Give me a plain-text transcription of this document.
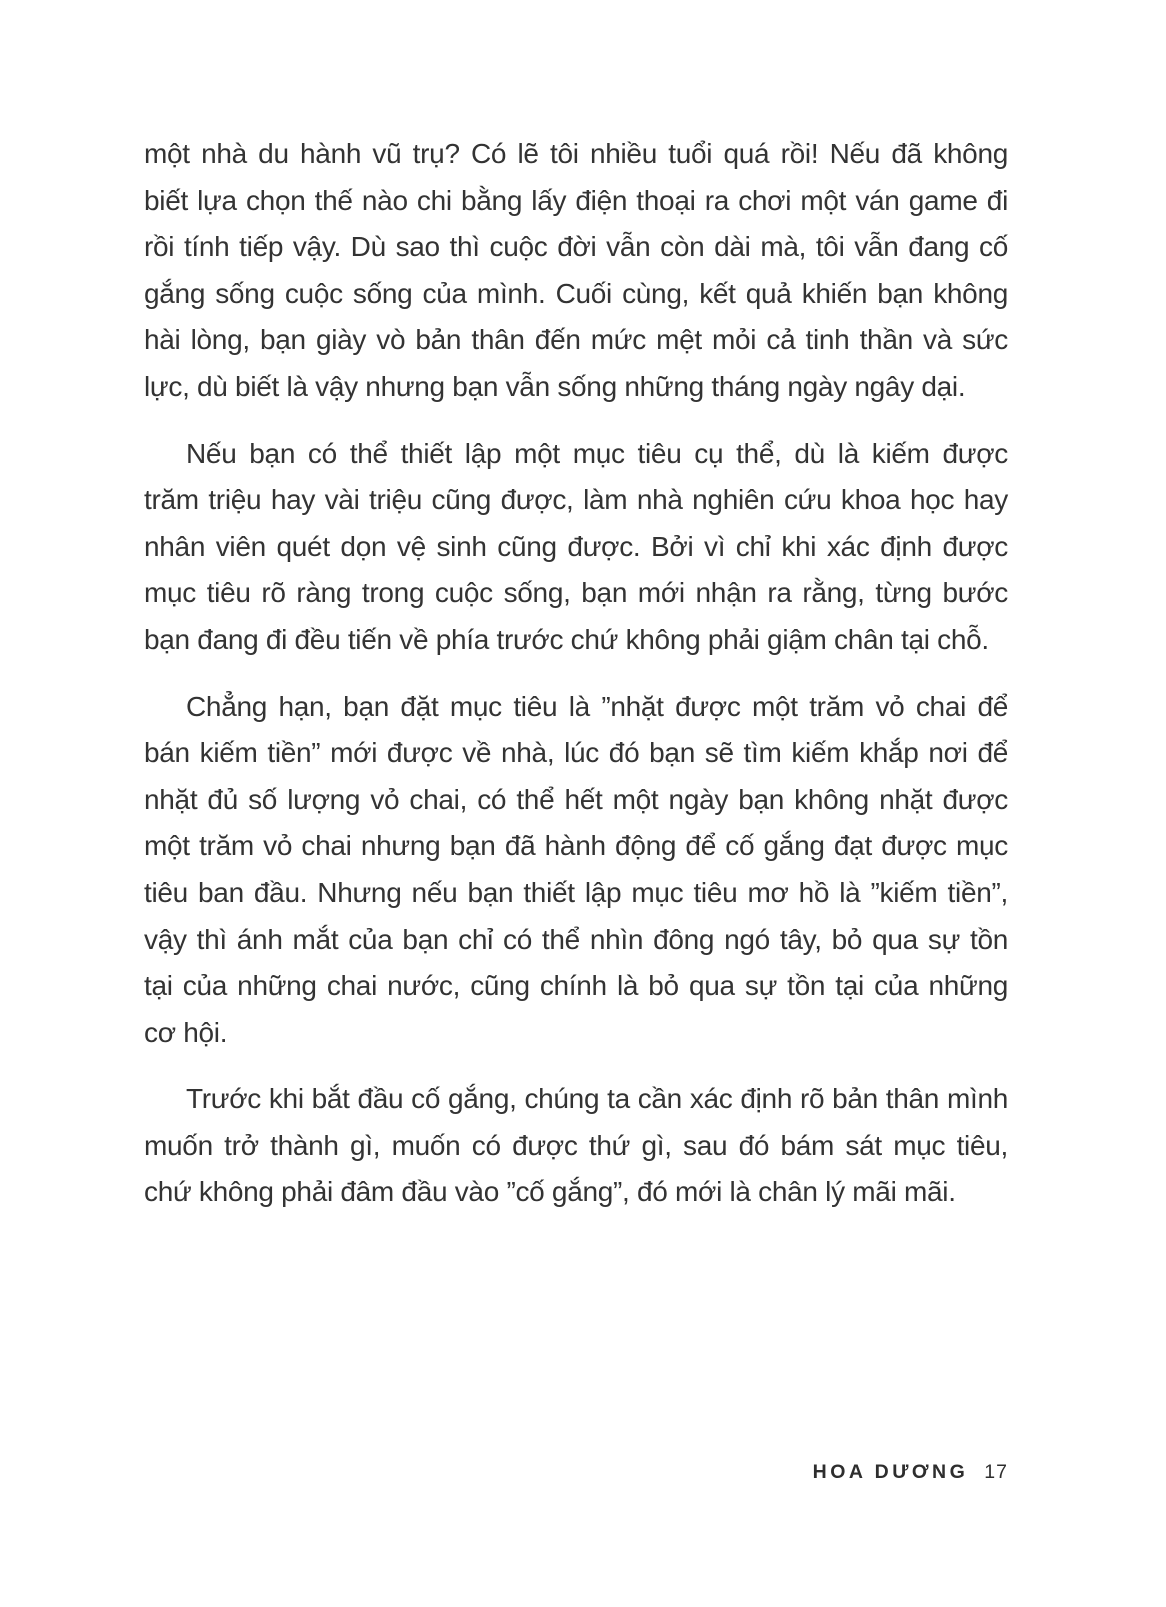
một nhà du hành vũ trụ? Có lẽ tôi nhiều tuổi quá rồi! Nếu đã không
biết lựa chọn thế nào chi bằng lấy điện thoại ra chơi một ván game đi
rồi tính tiếp vậy. Dù sao thì cuộc đời vẫn còn dài mà, tôi vẫn đang cố
gắng sống cuộc sống của mình. Cuối cùng, kết quả khiến bạn không
hài lòng, bạn giày vò bản thân đến mức mệt mỏi cả tinh thần và sức
lực, dù biết là vậy nhưng bạn vẫn sống những tháng ngày ngây dại.
Nếu bạn có thể thiết lập một mục tiêu cụ thể, dù là kiếm được
trăm triệu hay vài triệu cũng được, làm nhà nghiên cứu khoa học hay
nhân viên quét dọn vệ sinh cũng được. Bởi vì chỉ khi xác định được
mục tiêu rõ ràng trong cuộc sống, bạn mới nhận ra rằng, từng bước
bạn đang đi đều tiến về phía trước chứ không phải giậm chân tại chỗ.
Chẳng hạn, bạn đặt mục tiêu là ”nhặt được một trăm vỏ chai để
bán kiếm tiền” mới được về nhà, lúc đó bạn sẽ tìm kiếm khắp nơi để
nhặt đủ số lượng vỏ chai, có thể hết một ngày bạn không nhặt được
một trăm vỏ chai nhưng bạn đã hành động để cố gắng đạt được mục
tiêu ban đầu. Nhưng nếu bạn thiết lập mục tiêu mơ hồ là ”kiếm tiền”,
vậy thì ánh mắt của bạn chỉ có thể nhìn đông ngó tây, bỏ qua sự tồn
tại của những chai nước, cũng chính là bỏ qua sự tồn tại của những
cơ hội.
Trước khi bắt đầu cố gắng, chúng ta cần xác định rõ bản thân mình
muốn trở thành gì, muốn có được thứ gì, sau đó bám sát mục tiêu,
chứ không phải đâm đầu vào ”cố gắng”, đó mới là chân lý mãi mãi.
HOA DƯƠNG 17
